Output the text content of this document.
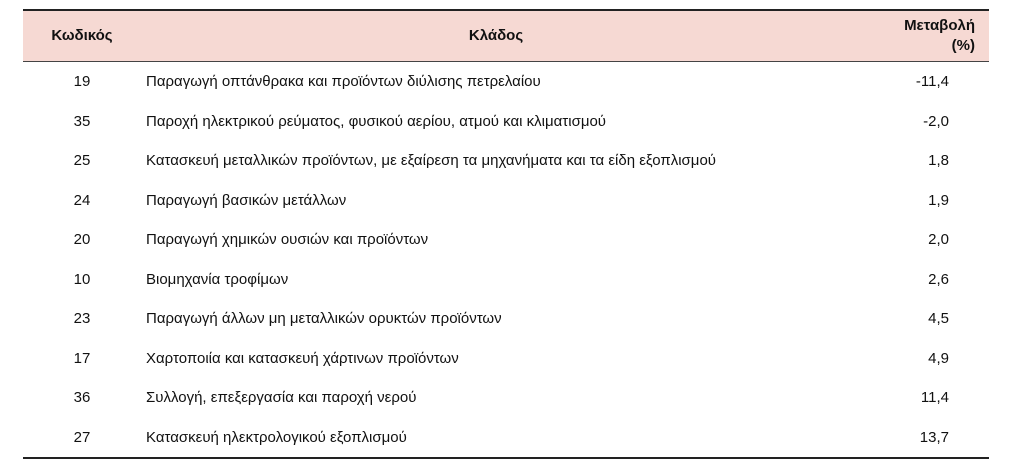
Κωδικός	Κλάδος	Μεταβολή
(%)

19	Παραγωγή οπτάνθρακα και προϊόντων διύλισης πετρελαίου	-11,4
35	Παροχή ηλεκτρικού ρεύματος, φυσικού αερίου, ατμού και κλιματισμού	-2,0
25	Κατασκευή μεταλλικών προϊόντων, με εξαίρεση τα μηχανήματα και τα είδη εξοπλισμού	1,8
24	Παραγωγή βασικών μετάλλων	1,9
20	Παραγωγή χημικών ουσιών και προϊόντων	2,0
10	Βιομηχανία τροφίμων	2,6
23	Παραγωγή άλλων μη μεταλλικών ορυκτών προϊόντων	4,5
17	Χαρτοποιία και κατασκευή χάρτινων προϊόντων	4,9
36	Συλλογή, επεξεργασία και παροχή νερού	11,4
27	Κατασκευή ηλεκτρολογικού εξοπλισμού	13,7
